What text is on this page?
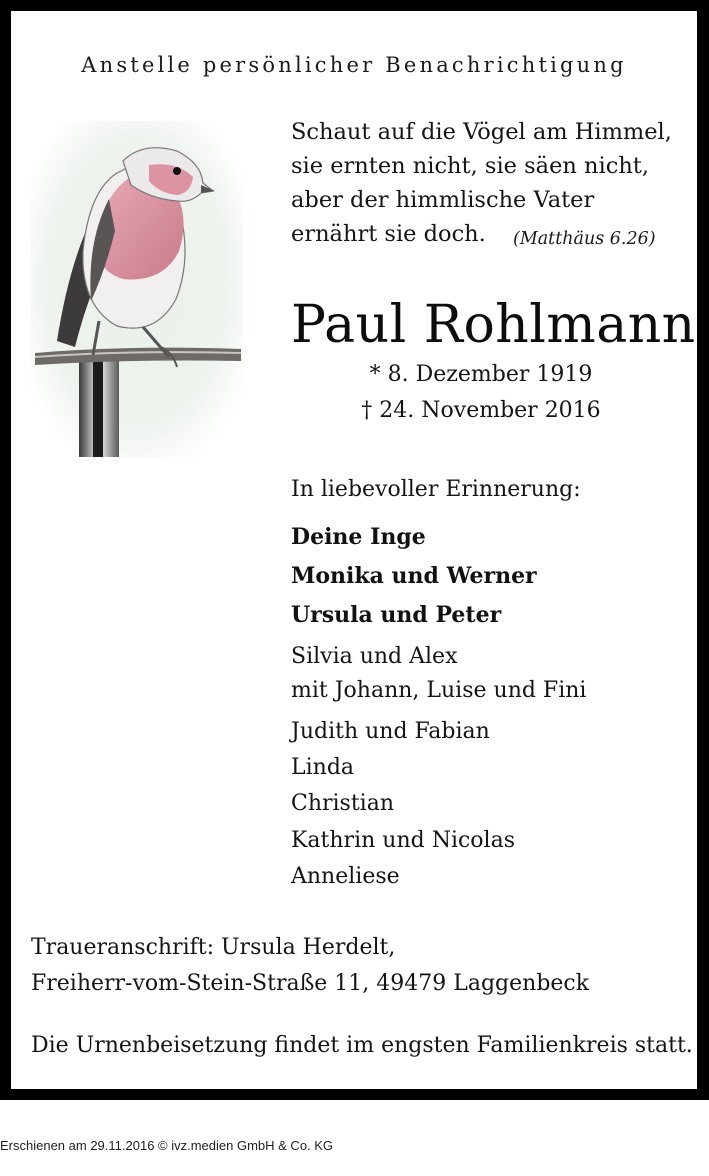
Anstelle persönlicher Benachrichtigung
Schaut auf die Vögel am Himmel,
sie ernten nicht, sie säen nicht,
aber der himmlische Vater
ernährt sie doch.	(Matthäus 6.26)
Paul Rohlmann
* 8. Dezember 1919
† 24. November 2016
In liebevoller Erinnerung:
Deine Inge
Monika und Werner
Ursula und Peter
Silvia und Alex
mit Johann, Luise und Fini
Judith und Fabian
Linda
Christian
Kathrin und Nicolas
Anneliese
Traueranschrift: Ursula Herdelt,
Freiherr-vom-Stein-Straße 11, 49479 Laggenbeck
Die Urnenbeisetzung findet im engsten Familienkreis statt.
Erschienen am 29.11.2016 © ivz.medien GmbH & Co. KG
